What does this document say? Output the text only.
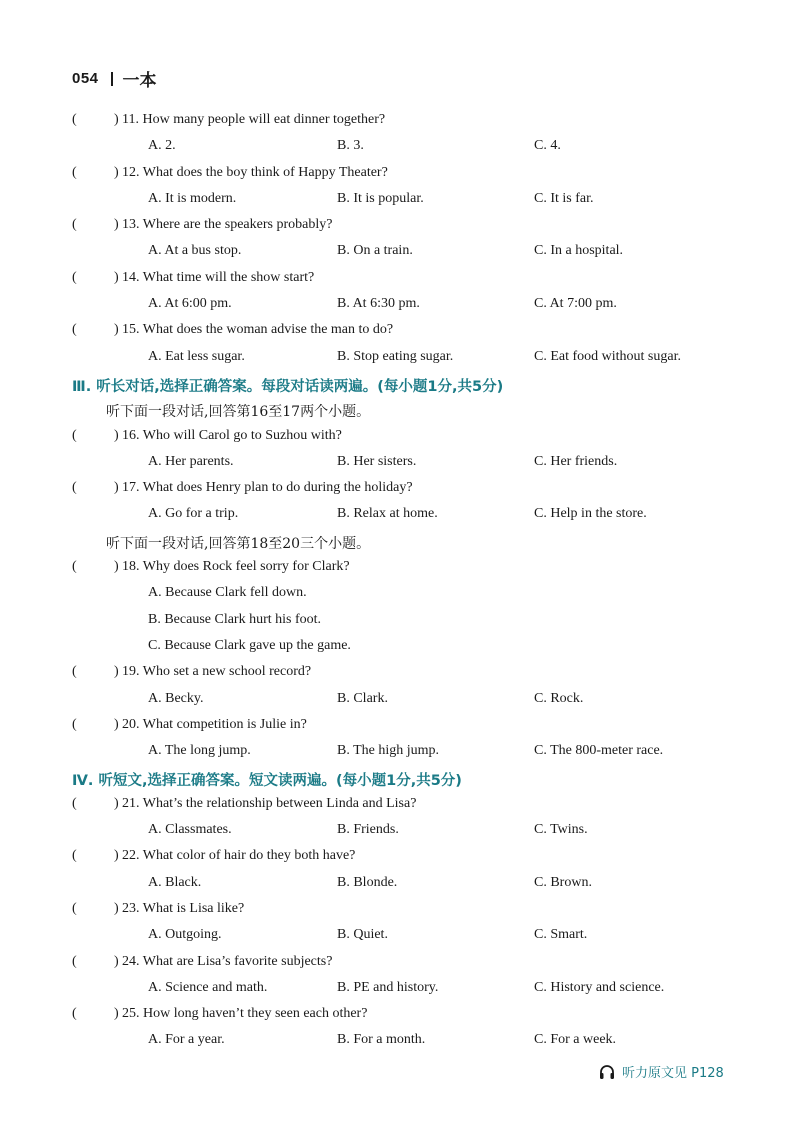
054 一本
(	) 11. How many people will eat dinner together?
A. 2.	B. 3.	C. 4.
(	) 12. What does the boy think of Happy Theater?
A. It is modern.	B. It is popular.	C. It is far.
(	) 13. Where are the speakers probably?
A. At a bus stop.	B. On a train.	C. In a hospital.
(	) 14. What time will the show start?
A. At 6:00 pm.	B. At 6:30 pm.	C. At 7:00 pm.
(	) 15. What does the woman advise the man to do?
A. Eat less sugar.	B. Stop eating sugar.	C. Eat food without sugar.
Ⅲ. 听长对话,选择正确答案。每段对话读两遍。(每小题1分,共5分)
听下面一段对话,回答第16至17两个小题。
(	) 16. Who will Carol go to Suzhou with?
A. Her parents.	B. Her sisters.	C. Her friends.
(	) 17. What does Henry plan to do during the holiday?
A. Go for a trip.	B. Relax at home.	C. Help in the store.
听下面一段对话,回答第18至20三个小题。
(	) 18. Why does Rock feel sorry for Clark?
A. Because Clark fell down.
B. Because Clark hurt his foot.
C. Because Clark gave up the game.
(	) 19. Who set a new school record?
A. Becky.	B. Clark.	C. Rock.
(	) 20. What competition is Julie in?
A. The long jump.	B. The high jump.	C. The 800-meter race.
Ⅳ. 听短文,选择正确答案。短文读两遍。(每小题1分,共5分)
(	) 21. What’s the relationship between Linda and Lisa?
A. Classmates.	B. Friends.	C. Twins.
(	) 22. What color of hair do they both have?
A. Black.	B. Blonde.	C. Brown.
(	) 23. What is Lisa like?
A. Outgoing.	B. Quiet.	C. Smart.
(	) 24. What are Lisa’s favorite subjects?
A. Science and math.	B. PE and history.	C. History and science.
(	) 25. How long haven’t they seen each other?
A. For a year.	B. For a month.	C. For a week.
听力原文见 P128
